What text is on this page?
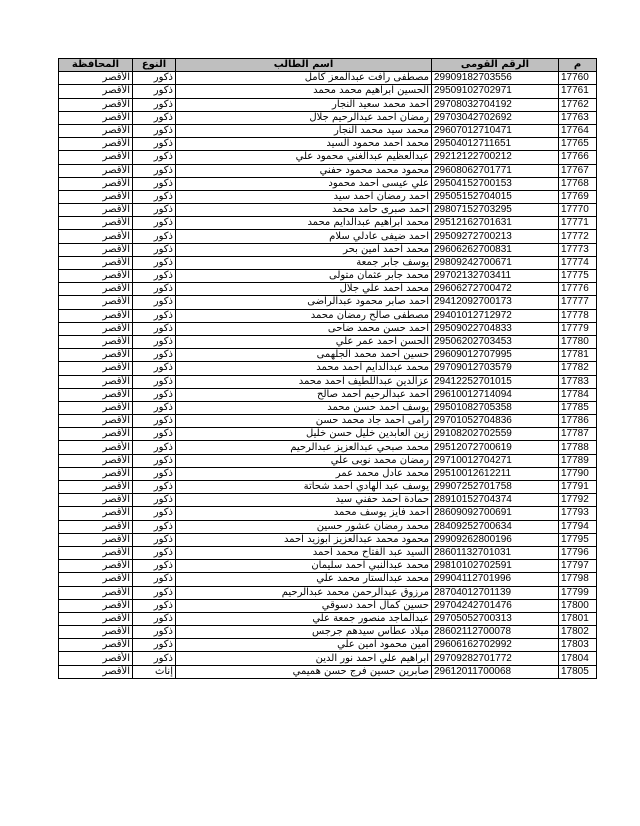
م	الرقم القومى	اسم الطالب	النوع	المحافظة
17760	29909182703556	مصطفى رأفت عبدالمعز كامل	ذكور	الأقصر
17761	29509102702971	الحسين ابراهيم محمد محمد	ذكور	الأقصر
17762	29708032704192	احمد محمد سعيد النجار	ذكور	الأقصر
17763	29703042702692	رمضان احمد عبدالرحيم جلال	ذكور	الأقصر
17764	29607012710471	محمد سيد محمد النجار	ذكور	الأقصر
17765	29504012711651	محمد احمد محمود السيد	ذكور	الأقصر
17766	29212122700212	عبدالعظيم عبدالغني محمود علي	ذكور	الأقصر
17767	29608062701771	محمود محمد محمود حفني	ذكور	الأقصر
17768	29504152700153	علي عيسى احمد محمود	ذكور	الأقصر
17769	29505152704015	احمد رمضان احمد سيد	ذكور	الأقصر
17770	29807152703295	احمد صبرى حامد محمد	ذكور	الأقصر
17771	29512162701631	محمد ابراهيم عبدالدايم محمد	ذكور	الأقصر
17772	29509272700213	احمد ضيفى عادلي سلام	ذكور	الأقصر
17773	29606262700831	محمد احمد امين بحر	ذكور	الأقصر
17774	29809242700671	يوسف جابر جمعة	ذكور	الأقصر
17775	29702132703411	محمد جابر عثمان متولى	ذكور	الأقصر
17776	29606272700472	محمد احمد علي جلال	ذكور	الأقصر
17777	29412092700173	احمد صابر محمود عبدالراضى	ذكور	الأقصر
17778	29401012712972	مصطفى صالح رمضان محمد	ذكور	الأقصر
17779	29509022704833	احمد حسن محمد ضاحى	ذكور	الأقصر
17780	29506202703453	الحسن احمد عمر علي	ذكور	الأقصر
17781	29609012707995	حسين احمد محمد الجلهمى	ذكور	الأقصر
17782	29709012703579	محمد عبدالدايم احمد محمد	ذكور	الأقصر
17783	29412252701015	عزالدين عبداللطيف احمد محمد	ذكور	الأقصر
17784	29610012714094	احمد عبدالرحيم احمد صالح	ذكور	الأقصر
17785	29501082705358	يوسف احمد حسن محمد	ذكور	الأقصر
17786	29701052704836	رامى احمد جاد محمد حسن	ذكور	الأقصر
17787	29108202702559	زين العابدين خليل حسن خليل	ذكور	الأقصر
17788	29512072700619	محمد صبحي عبدالعزيز عبدالرحيم	ذكور	الأقصر
17789	29710012704271	رمضان محمد نوبى علي	ذكور	الأقصر
17790	29510012612211	محمد عادل محمد عمر	ذكور	الأقصر
17791	29907252701758	يوسف عبد الهادي احمد شحاتة	ذكور	الأقصر
17792	28910152704374	حمادة احمد حفني سيد	ذكور	الأقصر
17793	28609092700691	احمد فايز يوسف محمد	ذكور	الأقصر
17794	28409252700634	محمد رمضان عشور حسين	ذكور	الأقصر
17795	29909262800196	محمود محمد عبدالعزيز ابوزيد احمد	ذكور	الأقصر
17796	28601132701031	السيد عبد الفتاح محمد احمد	ذكور	الأقصر
17797	29810102702591	محمد عبدالنبي احمد سليمان	ذكور	الأقصر
17798	29904112701996	محمد عبدالستار محمد علي	ذكور	الأقصر
17799	28704012701139	مرزوق عبدالرحمن محمد عبدالرحيم	ذكور	الأقصر
17800	29704242701476	حسين كمال احمد دسوقي	ذكور	الأقصر
17801	29705052700313	عبدالماجد منصور جمعة علي	ذكور	الأقصر
17802	28602112700078	ميلاد عطاس سيدهم جرجس	ذكور	الأقصر
17803	29606162702992	امين محمود امين علي	ذكور	الأقصر
17804	29709282701772	ابراهيم علي احمد نور الدين	ذكور	الأقصر
17805	29612011700068	صابرين حسين فرج حسن هميمي	إناث	الأقصر
